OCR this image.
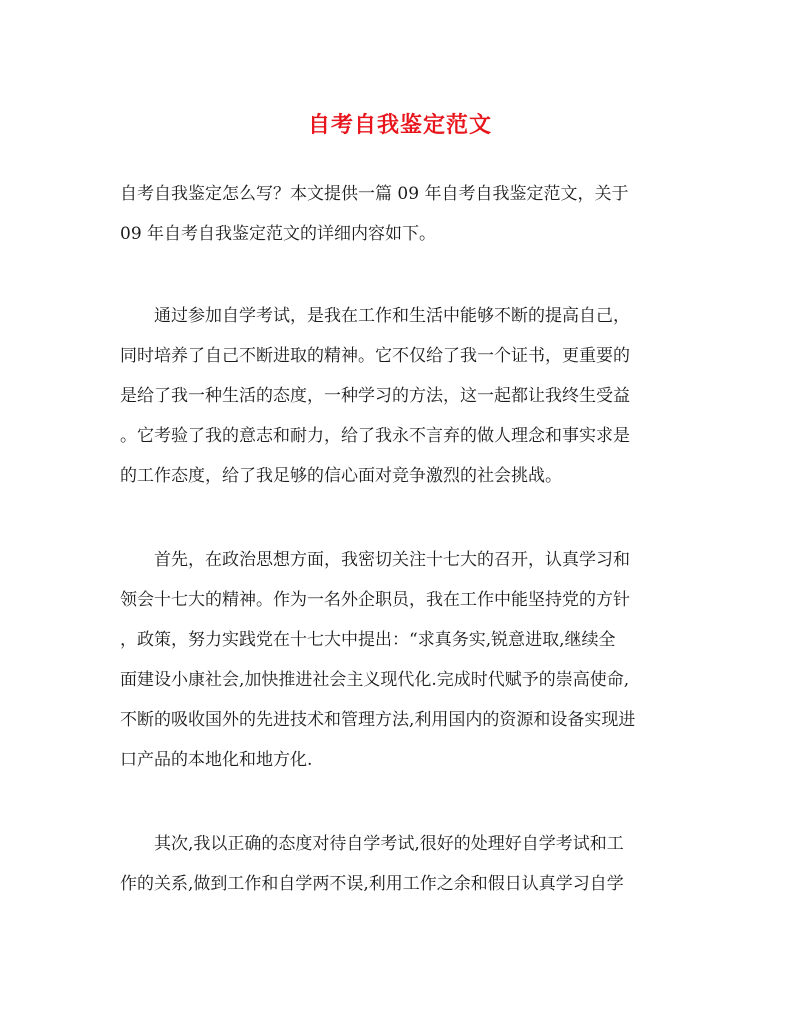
自考自我鉴定范文
自考自我鉴定怎么写？本文提供一篇 09 年自考自我鉴定范文，关于
09 年自考自我鉴定范文的详细内容如下。
　　通过参加自学考试，是我在工作和生活中能够不断的提高自己，
同时培养了自己不断进取的精神。它不仅给了我一个证书，更重要的
是给了我一种生活的态度，一种学习的方法，这一起都让我终生受益
。它考验了我的意志和耐力，给了我永不言弃的做人理念和事实求是
的工作态度，给了我足够的信心面对竞争激烈的社会挑战。
　　首先，在政治思想方面，我密切关注十七大的召开，认真学习和
领会十七大的精神。作为一名外企职员，我在工作中能坚持党的方针
，政策，努力实践党在十七大中提出：“求真务实,锐意进取,继续全
面建设小康社会,加快推进社会主义现代化.完成时代赋予的崇高使命,
不断的吸收国外的先进技术和管理方法,利用国内的资源和设备实现进
口产品的本地化和地方化.
　　其次,我以正确的态度对待自学考试,很好的处理好自学考试和工
作的关系,做到工作和自学两不误,利用工作之余和假日认真学习自学
